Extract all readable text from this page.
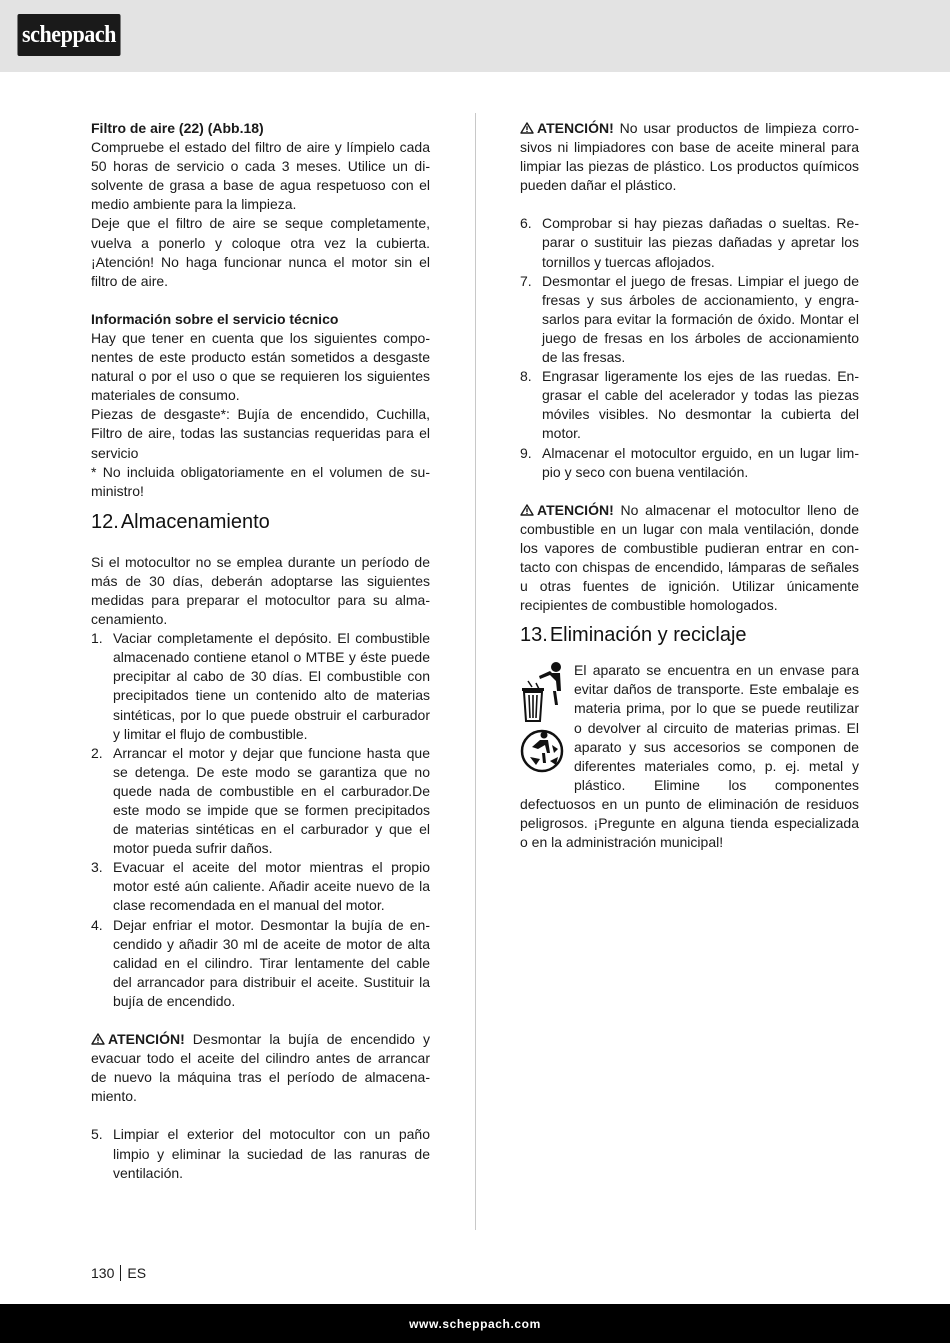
scheppach

Filtro de aire (22) (Abb.18)

Compruebe el estado del filtro de aire y límpielo cada 50 horas de servicio o cada 3 meses. Utilice un disolvente de grasa a base de agua respetuoso con el medio ambiente para la limpieza.

Deje que el filtro de aire se seque completamente, vuelva a ponerlo y coloque otra vez la cubierta. ¡Atención! No haga funcionar nunca el motor sin el filtro de aire.

Información sobre el servicio técnico

Hay que tener en cuenta que los siguientes componentes de este producto están sometidos a desgaste natural o por el uso o que se requieren los siguientes materiales de consumo.

Piezas de desgaste*: Bujía de encendido, Cuchilla, Filtro de aire, todas las sustancias requeridas para el servicio

* No incluida obligatoriamente en el volumen de suministro!

12. Almacenamiento

Si el motocultor no se emplea durante un período de más de 30 días, deberán adoptarse las siguientes medidas para preparar el motocultor para su almacenamiento.

1. Vaciar completamente el depósito. El combustible almacenado contiene etanol o MTBE y éste puede precipitar al cabo de 30 días. El combustible con precipitados tiene un contenido alto de materias sintéticas, por lo que puede obstruir el carburador y limitar el flujo de combustible.
2. Arrancar el motor y dejar que funcione hasta que se detenga. De este modo se garantiza que no quede nada de combustible en el carburador.De este modo se impide que se formen precipitados de materias sintéticas en el carburador y que el motor pueda sufrir daños.
3. Evacuar el aceite del motor mientras el propio motor esté aún caliente. Añadir aceite nuevo de la clase recomendada en el manual del motor.
4. Dejar enfriar el motor. Desmontar la bujía de encendido y añadir 30 ml de aceite de motor de alta calidad en el cilindro. Tirar lentamente del cable del arrancador para distribuir el aceite. Sustituir la bujía de encendido.

ATENCIÓN! Desmontar la bujía de encendido y evacuar todo el aceite del cilindro antes de arrancar de nuevo la máquina tras el período de almacenamiento.

5. Limpiar el exterior del motocultor con un paño limpio y eliminar la suciedad de las ranuras de ventilación.

ATENCIÓN! No usar productos de limpieza corrosivos ni limpiadores con base de aceite mineral para limpiar las piezas de plástico. Los productos químicos pueden dañar el plástico.

6. Comprobar si hay piezas dañadas o sueltas. Reparar o sustituir las piezas dañadas y apretar los tornillos y tuercas aflojados.
7. Desmontar el juego de fresas. Limpiar el juego de fresas y sus árboles de accionamiento, y engrasarlos para evitar la formación de óxido. Montar el juego de fresas en los árboles de accionamiento de las fresas.
8. Engrasar ligeramente los ejes de las ruedas. Engrasar el cable del acelerador y todas las piezas móviles visibles. No desmontar la cubierta del motor.
9. Almacenar el motocultor erguido, en un lugar limpio y seco con buena ventilación.

ATENCIÓN! No almacenar el motocultor lleno de combustible en un lugar con mala ventilación, donde los vapores de combustible pudieran entrar en contacto con chispas de encendido, lámparas de señales u otras fuentes de ignición. Utilizar únicamente recipientes de combustible homologados.

13. Eliminación y reciclaje

El aparato se encuentra en un envase para evitar daños de transporte. Este embalaje es materia prima, por lo que se puede reutilizar o devolver al circuito de materias primas. El aparato y sus accesorios se componen de diferentes materiales como, p. ej. metal y plástico. Elimine los componentes defectuosos en un punto de eliminación de residuos peligrosos. ¡Pregunte en alguna tienda especializada o en la administración municipal!

130 ES
www.scheppach.com
